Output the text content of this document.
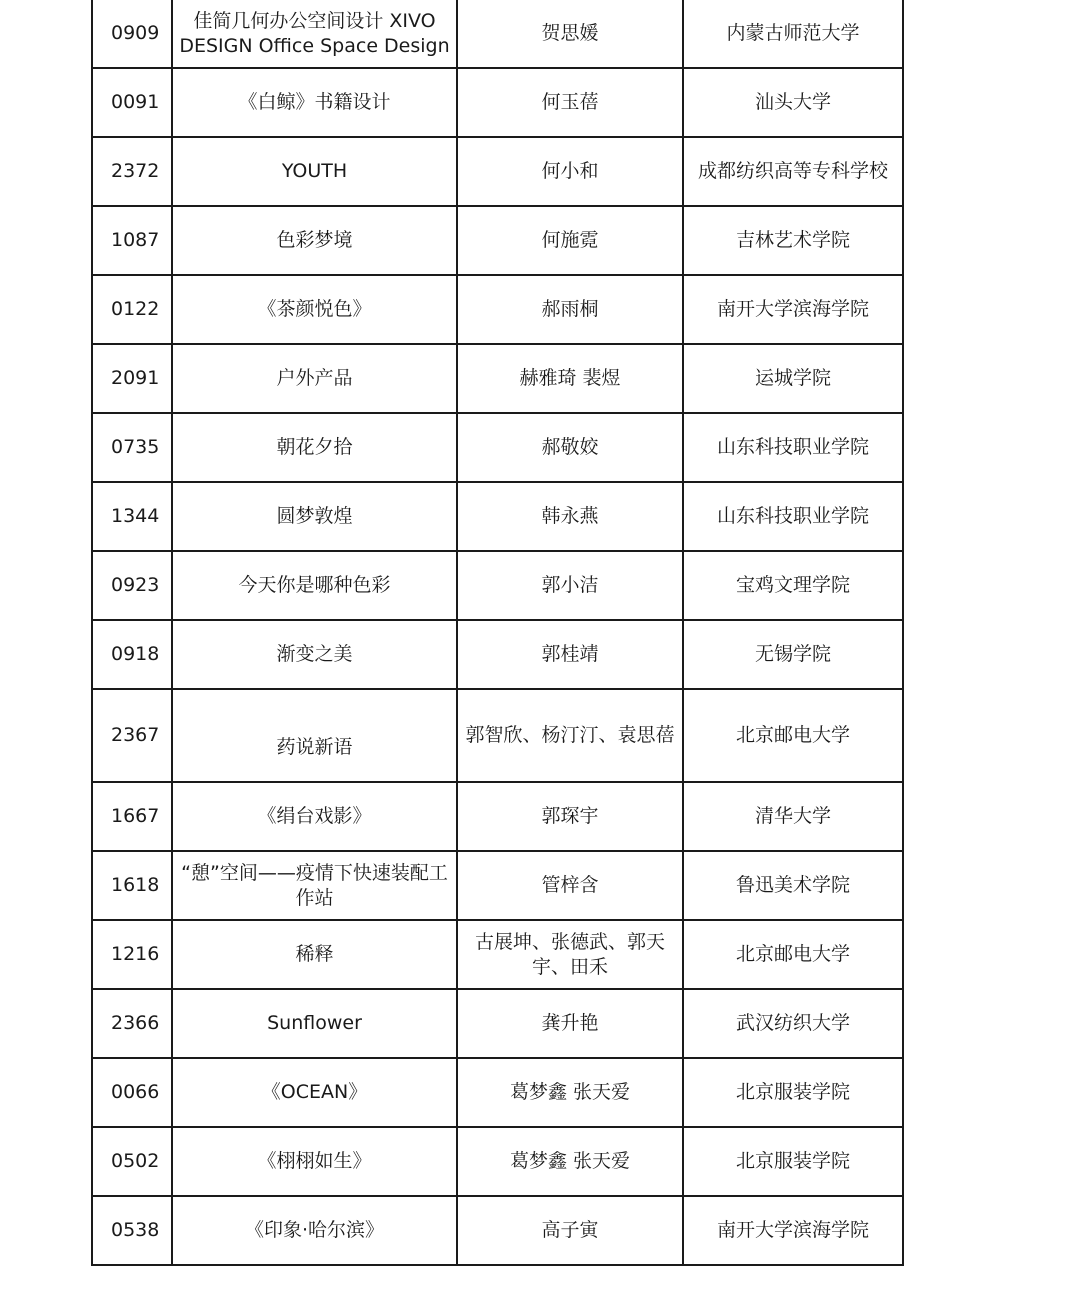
0909	佳简几何办公空间设计 XIVO DESIGN Office Space Design	贺思媛	内蒙古师范大学
0091	《白鲸》书籍设计	何玉蓓	汕头大学
2372	YOUTH	何小和	成都纺织高等专科学校
1087	色彩梦境	何施霓	吉林艺术学院
0122	《茶颜悦色》	郝雨桐	南开大学滨海学院
2091	户外产品	赫雅琦 裴煜	运城学院
0735	朝花夕拾	郝敬姣	山东科技职业学院
1344	圆梦敦煌	韩永燕	山东科技职业学院
0923	今天你是哪种色彩	郭小洁	宝鸡文理学院
0918	渐变之美	郭桂靖	无锡学院
2367	药说新语	郭智欣、杨汀汀、袁思蓓	北京邮电大学
1667	《绢台戏影》	郭琛宇	清华大学
1618	“憩”空间——疫情下快速装配工作站	管梓含	鲁迅美术学院
1216	稀释	古展坤、张德武、郭天宇、田禾	北京邮电大学
2366	Sunflower	龚升艳	武汉纺织大学
0066	《OCEAN》	葛梦鑫 张天爱	北京服装学院
0502	《栩栩如生》	葛梦鑫 张天爱	北京服装学院
0538	《印象·哈尔滨》	高子寅	南开大学滨海学院
